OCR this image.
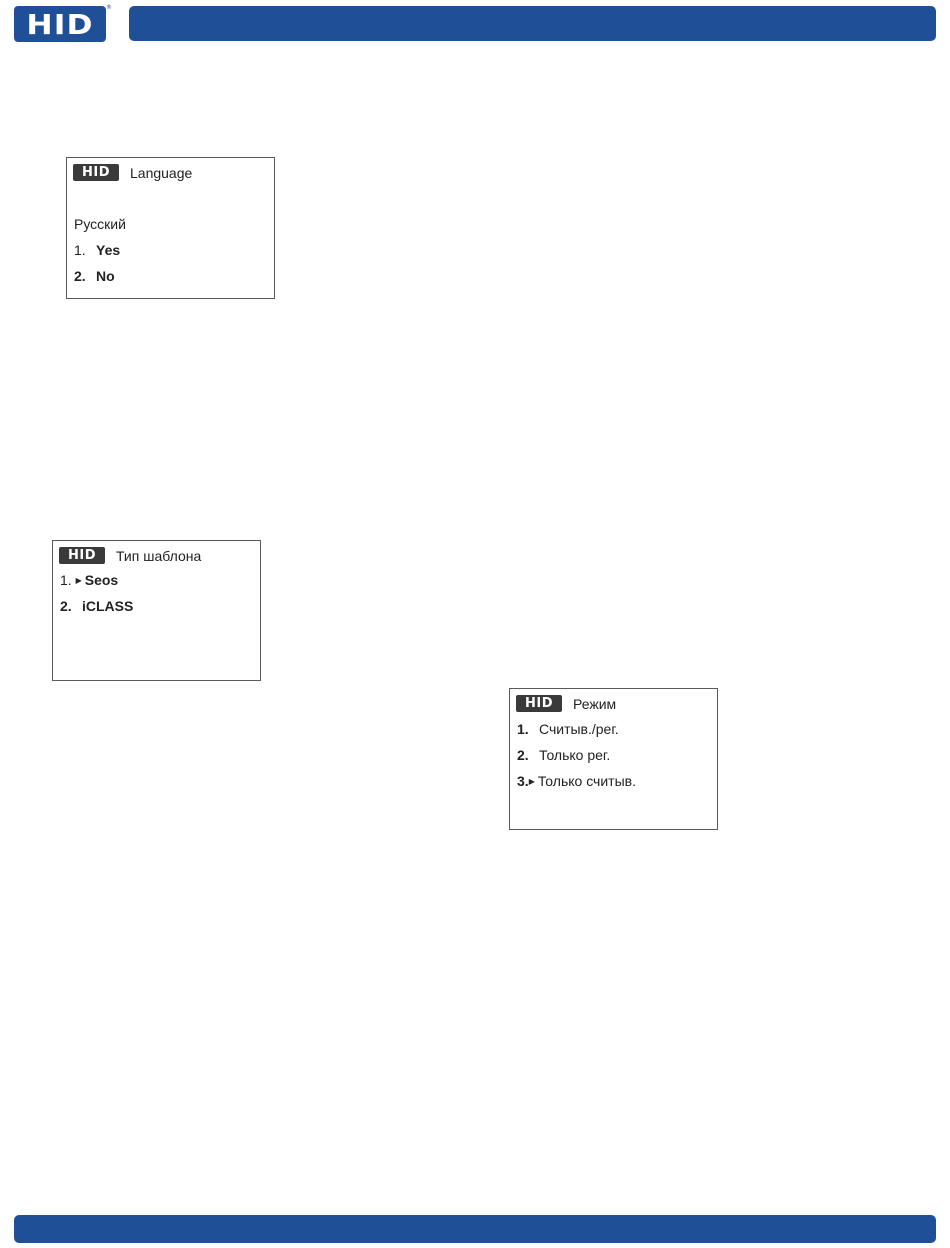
HID ®
HID	Language
Русский
1. Yes
2. No
HID	Тип шаблона
1. ▶ Seos
2. iCLASS
HID	Режим
1. Считыв./рег.
2. Только рег.
3.▶ Только считыв.
